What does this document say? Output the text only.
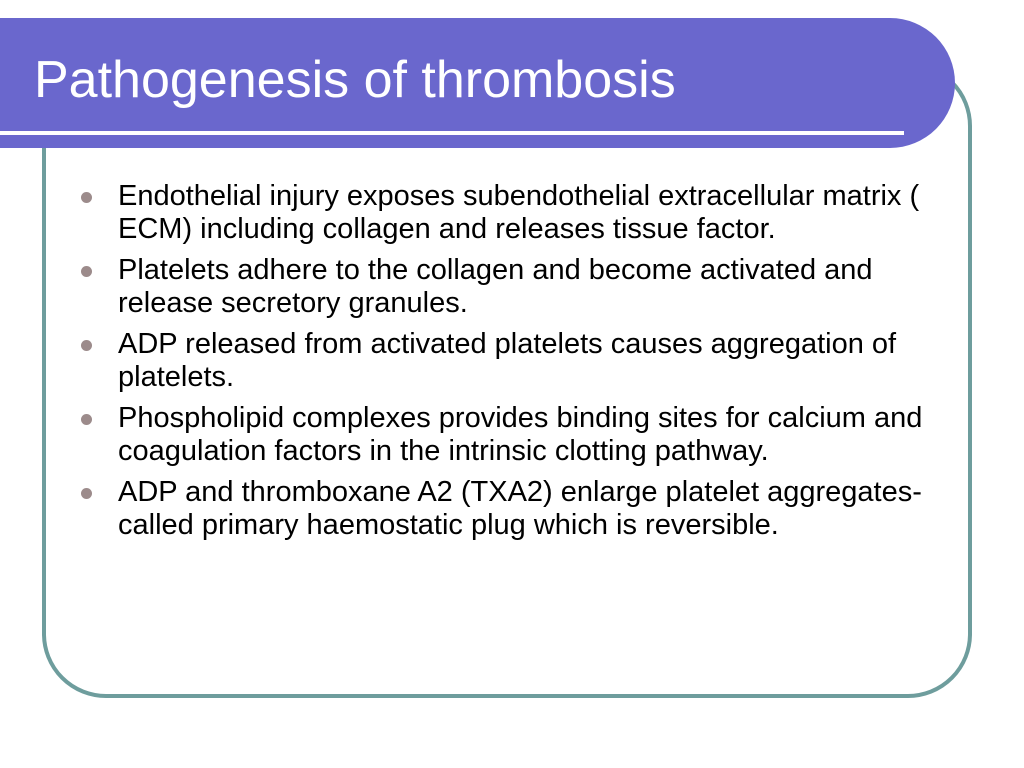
Pathogenesis of thrombosis
Endothelial injury exposes subendothelial extracellular matrix ( ECM) including collagen and releases tissue factor.
Platelets adhere to the collagen and become activated and release secretory granules.
ADP released from activated platelets causes aggregation of platelets.
Phospholipid complexes provides binding sites for calcium and coagulation factors in the intrinsic clotting pathway.
ADP and thromboxane A2 (TXA2) enlarge platelet aggregates- called primary haemostatic plug which is reversible.
